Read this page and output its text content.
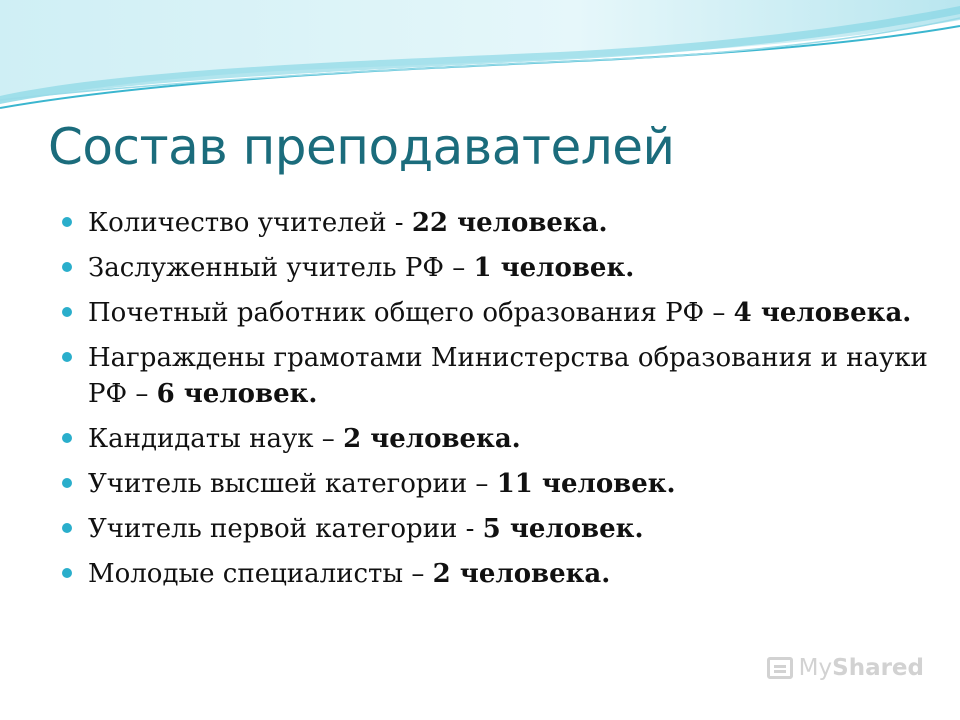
Состав преподавателей
Количество учителей - 22 человека.
Заслуженный учитель РФ – 1 человек.
Почетный работник общего образования РФ – 4 человека.
Награждены грамотами Министерства образования и науки РФ – 6 человек.
Кандидаты наук – 2 человека.
Учитель высшей категории – 11 человек.
Учитель первой категории - 5 человек.
Молодые специалисты – 2 человека.
My Shared
